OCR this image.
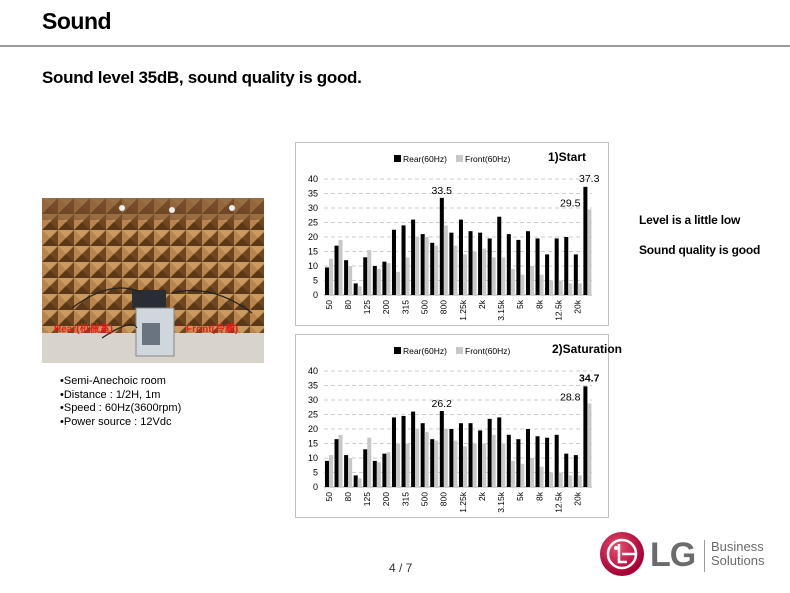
Sound
Sound level 35dB, sound quality is good.
Rear(机械室)	Front(冷藏)
•Semi-Anechoic room
•Distance : 1/2H, 1m
•Speed : 60Hz(3600rpm)
•Power source : 12Vdc
0
5
10
15
20
25
30
35
40
50 80 125 200 315 500 800 1.25k 2k 3.15k 5k 8k 12.5k 20k
Rear(60Hz) Front(60Hz)	1)Start
33.5
29.5
37.3
0
5
10
15
20
25
30
35
40
50 80 125 200 315 500 800 1.25k 2k 3.15k 5k 8k 12.5k 20k
Rear(60Hz) Front(60Hz)	2)Saturation
26.2
28.8
34.7
Level is a little low
Sound quality is good
4 / 7	LG Business
Solutions
